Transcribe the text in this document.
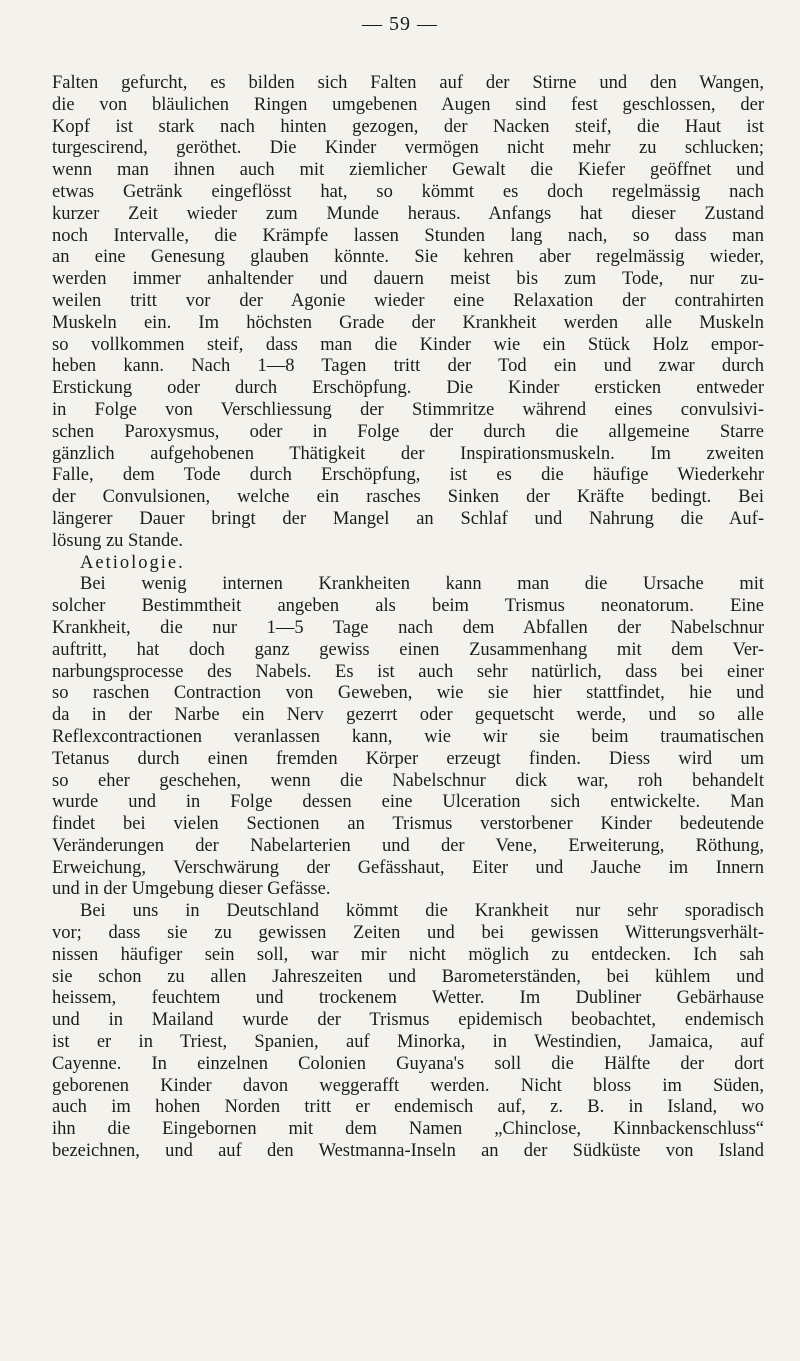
— 59 —
Falten gefurcht, es bilden sich Falten auf der Stirne und den Wangen,
die von bläulichen Ringen umgebenen Augen sind fest geschlossen, der
Kopf ist stark nach hinten gezogen, der Nacken steif, die Haut ist
turgescirend, geröthet. Die Kinder vermögen nicht mehr zu schlucken;
wenn man ihnen auch mit ziemlicher Gewalt die Kiefer geöffnet und
etwas Getränk eingeflösst hat, so kömmt es doch regelmässig nach
kurzer Zeit wieder zum Munde heraus. Anfangs hat dieser Zustand
noch Intervalle, die Krämpfe lassen Stunden lang nach, so dass man
an eine Genesung glauben könnte. Sie kehren aber regelmässig wieder,
werden immer anhaltender und dauern meist bis zum Tode, nur zu-
weilen tritt vor der Agonie wieder eine Relaxation der contrahirten
Muskeln ein. Im höchsten Grade der Krankheit werden alle Muskeln
so vollkommen steif, dass man die Kinder wie ein Stück Holz empor-
heben kann. Nach 1—8 Tagen tritt der Tod ein und zwar durch
Erstickung oder durch Erschöpfung. Die Kinder ersticken entweder
in Folge von Verschliessung der Stimmritze während eines convulsivi-
schen Paroxysmus, oder in Folge der durch die allgemeine Starre
gänzlich aufgehobenen Thätigkeit der Inspirationsmuskeln. Im zweiten
Falle, dem Tode durch Erschöpfung, ist es die häufige Wiederkehr
der Convulsionen, welche ein rasches Sinken der Kräfte bedingt. Bei
längerer Dauer bringt der Mangel an Schlaf und Nahrung die Auf-
lösung zu Stande.
Aetiologie.
Bei wenig internen Krankheiten kann man die Ursache mit
solcher Bestimmtheit angeben als beim Trismus neonatorum. Eine
Krankheit, die nur 1—5 Tage nach dem Abfallen der Nabelschnur
auftritt, hat doch ganz gewiss einen Zusammenhang mit dem Ver-
narbungsprocesse des Nabels. Es ist auch sehr natürlich, dass bei einer
so raschen Contraction von Geweben, wie sie hier stattfindet, hie und
da in der Narbe ein Nerv gezerrt oder gequetscht werde, und so alle
Reflexcontractionen veranlassen kann, wie wir sie beim traumatischen
Tetanus durch einen fremden Körper erzeugt finden. Diess wird um
so eher geschehen, wenn die Nabelschnur dick war, roh behandelt
wurde und in Folge dessen eine Ulceration sich entwickelte. Man
findet bei vielen Sectionen an Trismus verstorbener Kinder bedeutende
Veränderungen der Nabelarterien und der Vene, Erweiterung, Röthung,
Erweichung, Verschwärung der Gefässhaut, Eiter und Jauche im Innern
und in der Umgebung dieser Gefässe.
Bei uns in Deutschland kömmt die Krankheit nur sehr sporadisch
vor; dass sie zu gewissen Zeiten und bei gewissen Witterungsverhält-
nissen häufiger sein soll, war mir nicht möglich zu entdecken. Ich sah
sie schon zu allen Jahreszeiten und Barometerständen, bei kühlem und
heissem, feuchtem und trockenem Wetter. Im Dubliner Gebärhause
und in Mailand wurde der Trismus epidemisch beobachtet, endemisch
ist er in Triest, Spanien, auf Minorka, in Westindien, Jamaica, auf
Cayenne. In einzelnen Colonien Guyana's soll die Hälfte der dort
geborenen Kinder davon weggerafft werden. Nicht bloss im Süden,
auch im hohen Norden tritt er endemisch auf, z. B. in Island, wo
ihn die Eingebornen mit dem Namen „Chinclose, Kinnbackenschluss“
bezeichnen, und auf den Westmanna-Inseln an der Südküste von Island
